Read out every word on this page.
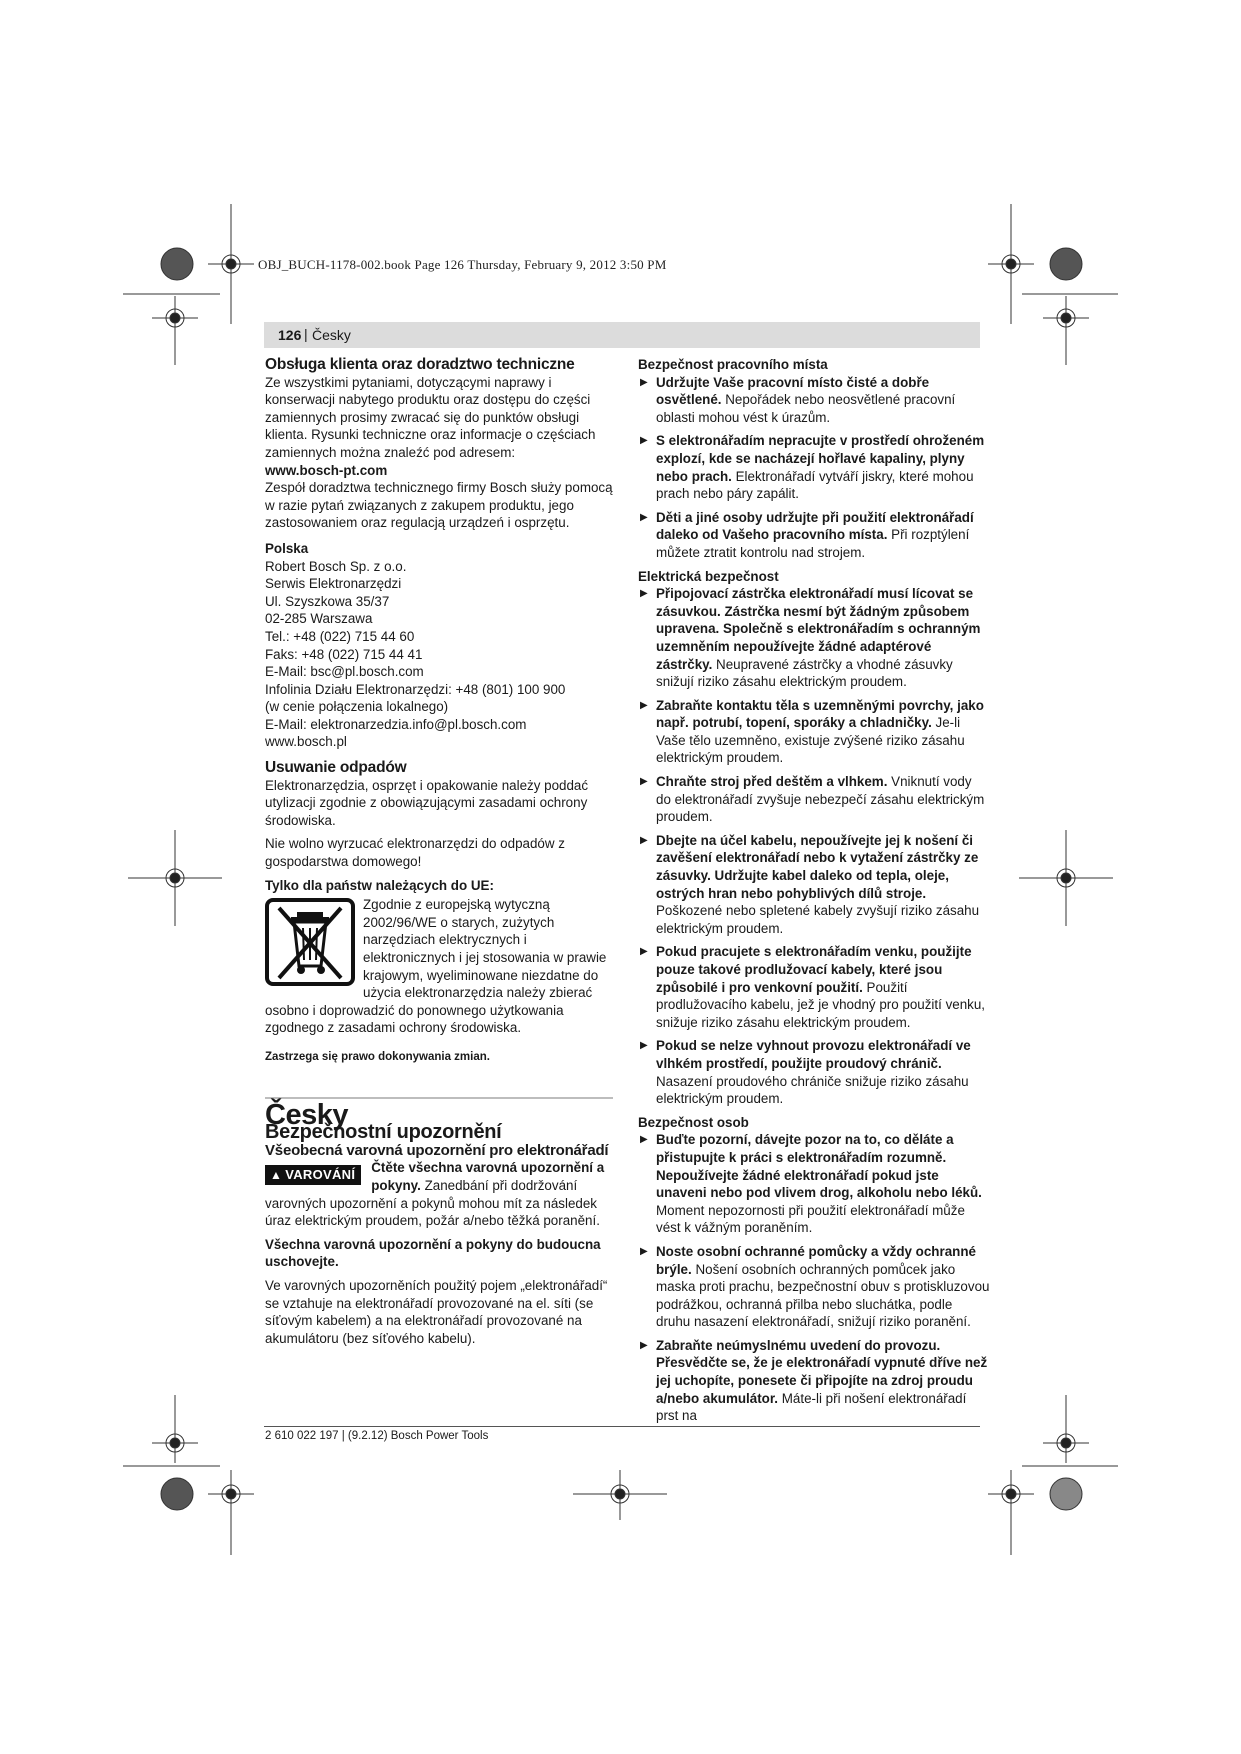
OBJ_BUCH-1178-002.book Page 126 Thursday, February 9, 2012 3:50 PM
126 | Česky

Obsługa klienta oraz doradztwo techniczne

Ze wszystkimi pytaniami, dotyczącymi naprawy i konserwacji nabytego produktu oraz dostępu do części zamiennych prosimy zwracać się do punktów obsługi klienta. Rysunki techniczne oraz informacje o częściach zamiennych można znaleźć pod adresem:

www.bosch-pt.com

Zespół doradztwa technicznego firmy Bosch służy pomocą w razie pytań związanych z zakupem produktu, jego zastosowaniem oraz regulacją urządzeń i osprzętu.

Polska

Robert Bosch Sp. z o.o.

Serwis Elektronarzędzi

Ul. Szyszkowa 35/37

02-285 Warszawa

Tel.: +48 (022) 715 44 60

Faks: +48 (022) 715 44 41

E-Mail: bsc@pl.bosch.com

Infolinia Działu Elektronarzędzi: +48 (801) 100 900

(w cenie połączenia lokalnego)

E-Mail: elektronarzedzia.info@pl.bosch.com

www.bosch.pl

Usuwanie odpadów

Elektronarzędzia, osprzęt i opakowanie należy poddać utylizacji zgodnie z obowiązującymi zasadami ochrony środowiska.

Nie wolno wyrzucać elektronarzędzi do odpadów z gospodarstwa domowego!

Tylko dla państw należących do UE:

Zgodnie z europejską wytyczną 2002/96/WE o starych, zużytych narzędziach elektrycznych i elektronicznych i jej stosowania w prawie krajowym, wyeliminowane niezdatne do użycia elektronarzędzia należy zbierać osobno i doprowadzić do ponownego użytkowania zgodnego z zasadami ochrony środowiska.

Zastrzega się prawo dokonywania zmian.

Česky

Bezpečnostní upozornění

Všeobecná varovná upozornění pro elektronářadí

▲ VAROVÁNÍ	Čtěte všechna varovná upozornění a pokyny. Zanedbání při dodržování varovných upozornění a pokynů mohou mít za následek úraz elektrickým proudem, požár a/nebo těžká poranění.

Všechna varovná upozornění a pokyny do budoucna uschovejte.

Ve varovných upozorněních použitý pojem „elektronářadí“ se vztahuje na elektronářadí provozované na el. síti (se síťovým kabelem) a na elektronářadí provozované na akumulátoru (bez síťového kabelu).

Bezpečnost pracovního místa

▶ Udržujte Vaše pracovní místo čisté a dobře osvětlené. Nepořádek nebo neosvětlené pracovní oblasti mohou vést k úrazům.
▶ S elektronářadím nepracujte v prostředí ohroženém explozí, kde se nacházejí hořlavé kapaliny, plyny nebo prach. Elektronářadí vytváří jiskry, které mohou prach nebo páry zapálit.
▶ Děti a jiné osoby udržujte při použití elektronářadí daleko od Vašeho pracovního místa. Při rozptýlení můžete ztratit kontrolu nad strojem.

Elektrická bezpečnost

▶ Připojovací zástrčka elektronářadí musí lícovat se zásuvkou. Zástrčka nesmí být žádným způsobem upravena. Společně s elektronářadím s ochranným uzemněním nepoužívejte žádné adaptérové zástrčky. Neupravené zástrčky a vhodné zásuvky snižují riziko zásahu elektrickým proudem.
▶ Zabraňte kontaktu těla s uzemněnými povrchy, jako např. potrubí, topení, sporáky a chladničky. Je-li Vaše tělo uzemněno, existuje zvýšené riziko zásahu elektrickým proudem.
▶ Chraňte stroj před deštěm a vlhkem. Vniknutí vody do elektronářadí zvyšuje nebezpečí zásahu elektrickým proudem.
▶ Dbejte na účel kabelu, nepoužívejte jej k nošení či zavěšení elektronářadí nebo k vytažení zástrčky ze zásuvky. Udržujte kabel daleko od tepla, oleje, ostrých hran nebo pohyblivých dílů stroje. Poškozené nebo spletené kabely zvyšují riziko zásahu elektrickým proudem.
▶ Pokud pracujete s elektronářadím venku, použijte pouze takové prodlužovací kabely, které jsou způsobilé i pro venkovní použití. Použití prodlužovacího kabelu, jež je vhodný pro použití venku, snižuje riziko zásahu elektrickým proudem.
▶ Pokud se nelze vyhnout provozu elektronářadí ve vlhkém prostředí, použijte proudový chránič. Nasazení proudového chrániče snižuje riziko zásahu elektrickým proudem.

Bezpečnost osob

▶ Buďte pozorní, dávejte pozor na to, co děláte a přistupujte k práci s elektronářadím rozumně. Nepoužívejte žádné elektronářadí pokud jste unaveni nebo pod vlivem drog, alkoholu nebo léků. Moment nepozornosti při použití elektronářadí může vést k vážným poraněním.
▶ Noste osobní ochranné pomůcky a vždy ochranné brýle. Nošení osobních ochranných pomůcek jako maska proti prachu, bezpečnostní obuv s protiskluzovou podrážkou, ochranná přilba nebo sluchátka, podle druhu nasazení elektronářadí, snižují riziko poranění.
▶ Zabraňte neúmyslnému uvedení do provozu. Přesvědčte se, že je elektronářadí vypnuté dříve než jej uchopíte, ponesete či připojíte na zdroj proudu a/nebo akumulátor. Máte-li při nošení elektronářadí prst na
2 610 022 197 | (9.2.12) Bosch Power Tools
